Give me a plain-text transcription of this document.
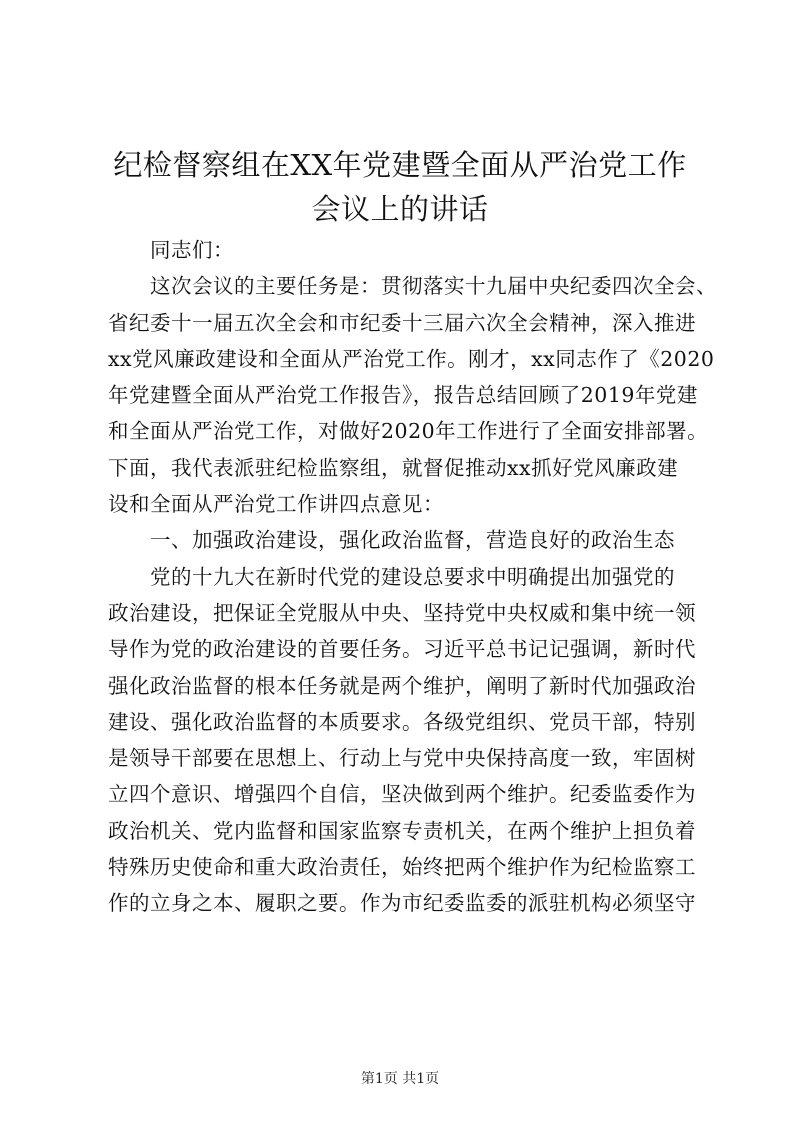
纪检督察组在XX年党建暨全面从严治党工作
会议上的讲话
同志们：
这次会议的主要任务是：贯彻落实十九届中央纪委四次全会、
省纪委十一届五次全会和市纪委十三届六次全会精神，深入推进
xx党风廉政建设和全面从严治党工作。刚才，xx同志作了《2020
年党建暨全面从严治党工作报告》，报告总结回顾了2019年党建
和全面从严治党工作，对做好2020年工作进行了全面安排部署。
下面，我代表派驻纪检监察组，就督促推动xx抓好党风廉政建
设和全面从严治党工作讲四点意见：
一、加强政治建设，强化政治监督，营造良好的政治生态
党的十九大在新时代党的建设总要求中明确提出加强党的
政治建设，把保证全党服从中央、坚持党中央权威和集中统一领
导作为党的政治建设的首要任务。习近平总书记记强调，新时代
强化政治监督的根本任务就是两个维护，阐明了新时代加强政治
建设、强化政治监督的本质要求。各级党组织、党员干部，特别
是领导干部要在思想上、行动上与党中央保持高度一致，牢固树
立四个意识、增强四个自信，坚决做到两个维护。纪委监委作为
政治机关、党内监督和国家监察专责机关，在两个维护上担负着
特殊历史使命和重大政治责任，始终把两个维护作为纪检监察工
作的立身之本、履职之要。作为市纪委监委的派驻机构必须坚守
第1页 共1页
